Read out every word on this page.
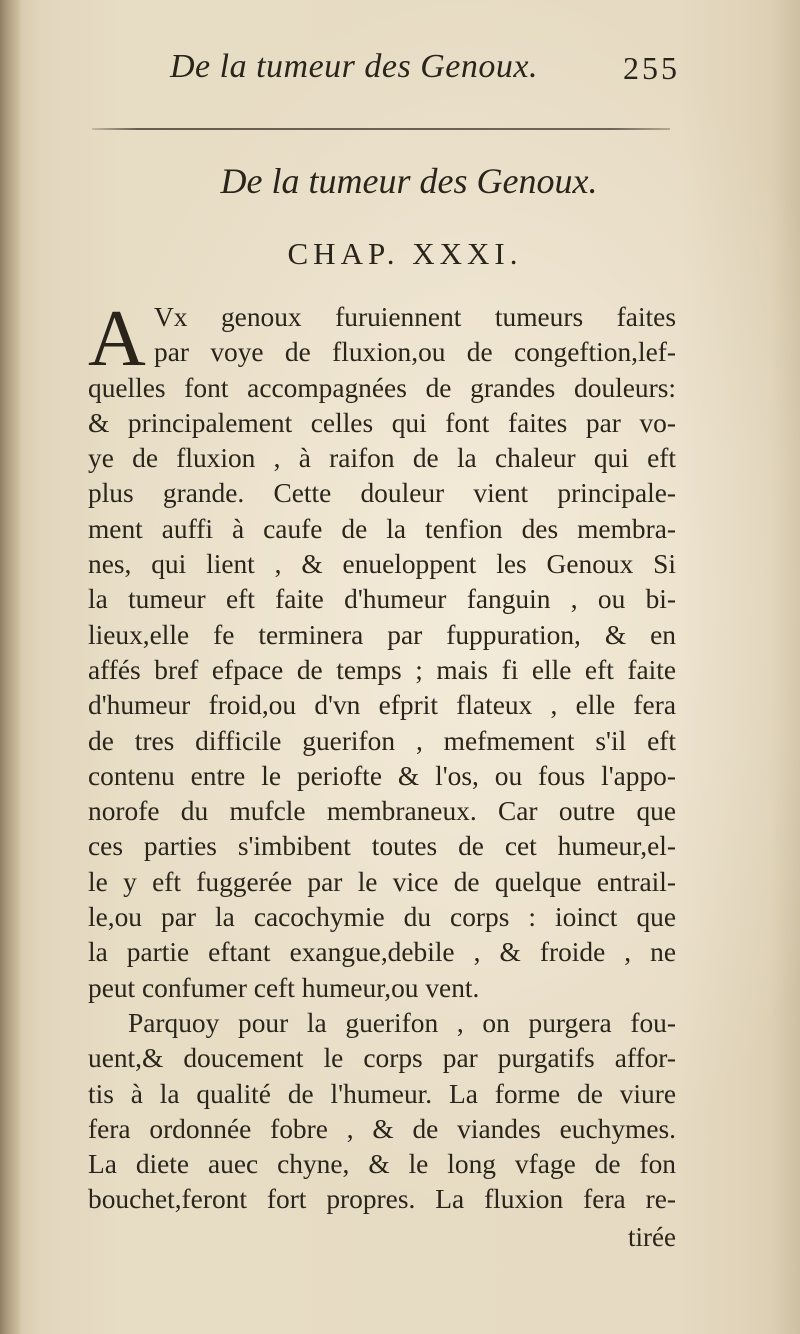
De la tumeur des Genoux.	255
De la tumeur des Genoux.
CHAP. XXXI.
A Vx genoux furuiennent tumeurs faites
par voye de fluxion,ou de congeftion,lef-
quelles font accompagnées de grandes douleurs:
& principalement celles qui font faites par vo-
ye de fluxion , à raifon de la chaleur qui eft
plus grande. Cette douleur vient principale-
ment auffi à caufe de la tenfion des membra-
nes, qui lient , & enueloppent les Genoux Si
la tumeur eft faite d'humeur fanguin , ou bi-
lieux,elle fe terminera par fuppuration, & en
affés bref efpace de temps ; mais fi elle eft faite
d'humeur froid,ou d'vn efprit flateux , elle fera
de tres difficile guerifon , mefmement s'il eft
contenu entre le periofte & l'os, ou fous l'appo-
norofe du mufcle membraneux. Car outre que
ces parties s'imbibent toutes de cet humeur,el-
le y eft fuggerée par le vice de quelque entrail-
le,ou par la cacochymie du corps : ioinct que
la partie eftant exangue,debile , & froide , ne
peut confumer ceft humeur,ou vent.
Parquoy pour la guerifon , on purgera fou-
uent,& doucement le corps par purgatifs affor-
tis à la qualité de l'humeur. La forme de viure
fera ordonnée fobre , & de viandes euchymes.
La diete auec chyne, & le long vfage de fon
bouchet,feront fort propres. La fluxion fera re-
tirée
